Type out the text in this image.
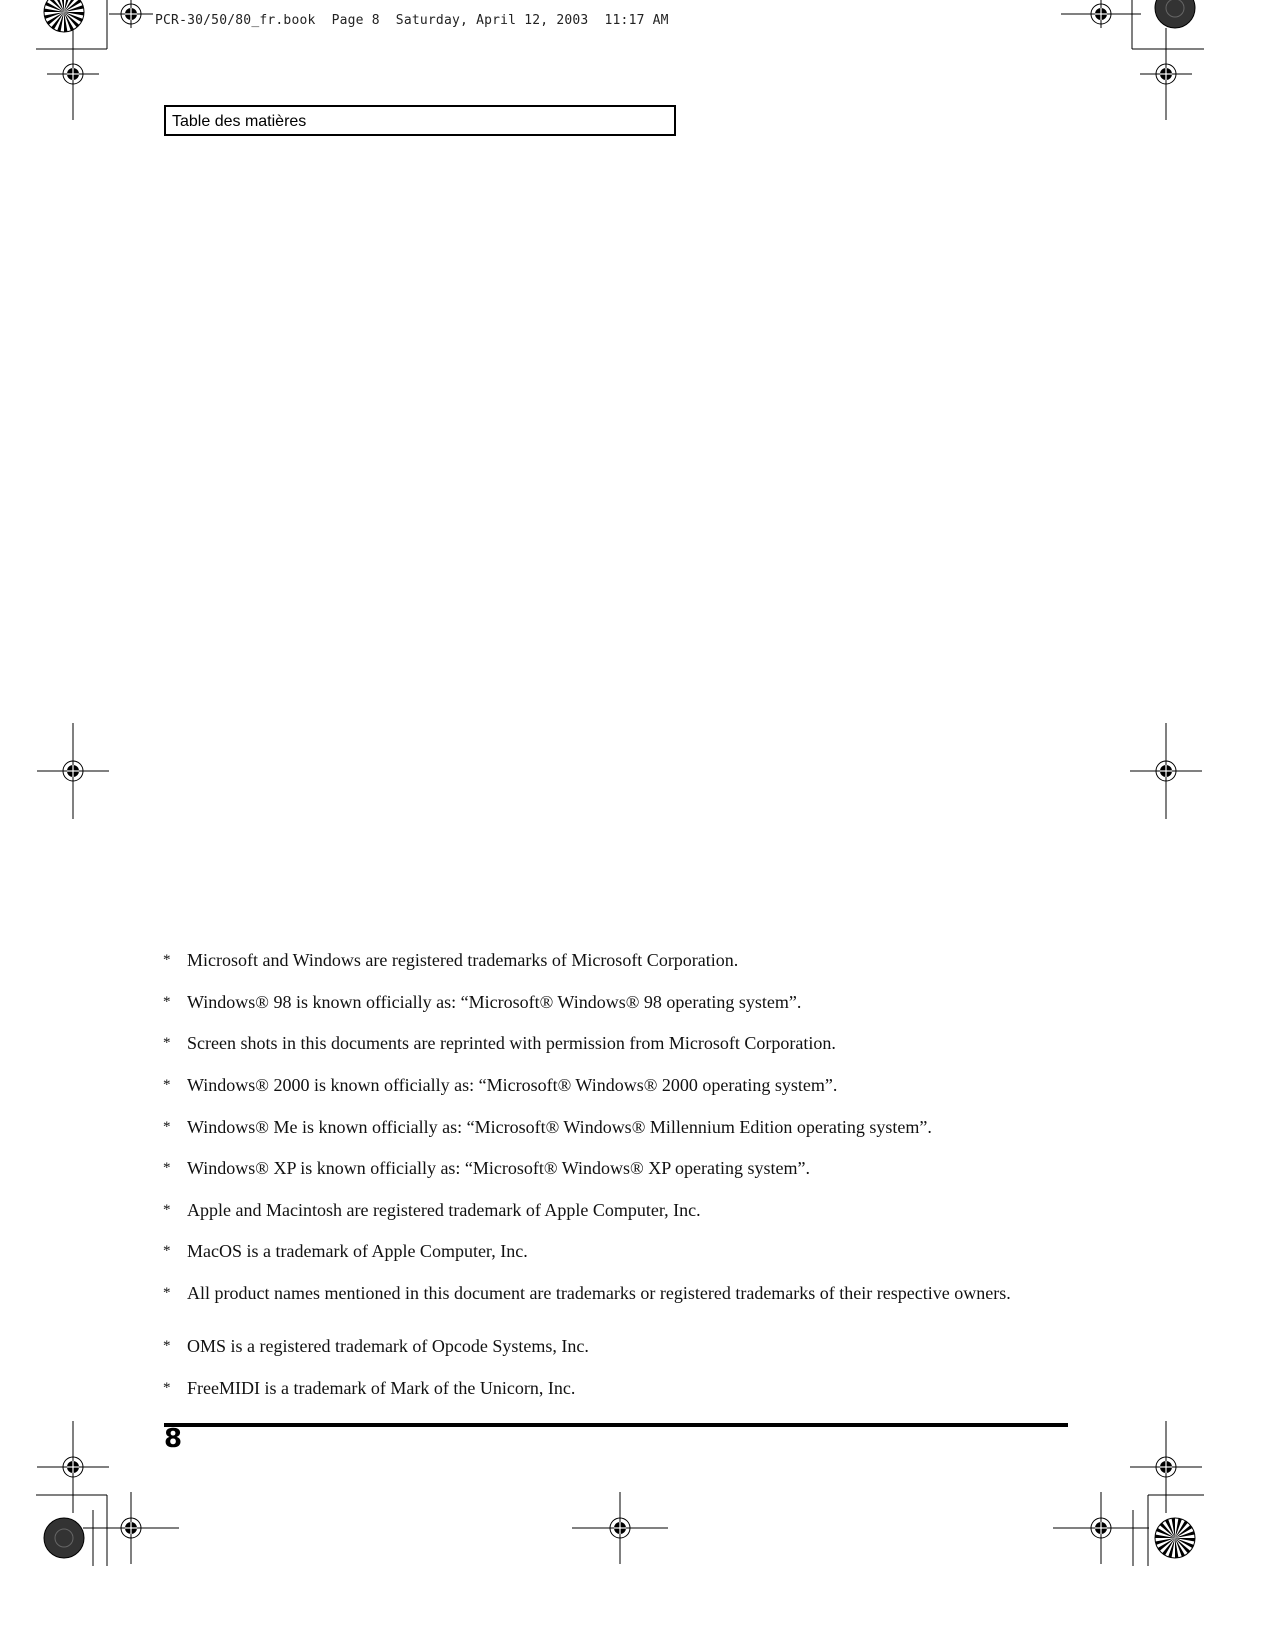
PCR-30/50/80_fr.book  Page 8  Saturday, April 12, 2003  11:17 AM
Table des matières
* Microsoft and Windows are registered trademarks of Microsoft Corporation.
* Windows® 98 is known officially as: “Microsoft® Windows® 98 operating system”.
* Screen shots in this documents are reprinted with permission from Microsoft Corporation.
* Windows® 2000 is known officially as: “Microsoft® Windows® 2000 operating system”.
* Windows® Me is known officially as: “Microsoft® Windows® Millennium Edition operating system”.
* Windows® XP is known officially as: “Microsoft® Windows® XP operating system”.
* Apple and Macintosh are registered trademark of Apple Computer, Inc.
* MacOS is a trademark of Apple Computer, Inc.
* All product names mentioned in this document are trademarks or registered trademarks of their respective owners.
* OMS is a registered trademark of Opcode Systems, Inc.
* FreeMIDI is a trademark of Mark of the Unicorn, Inc.
8
